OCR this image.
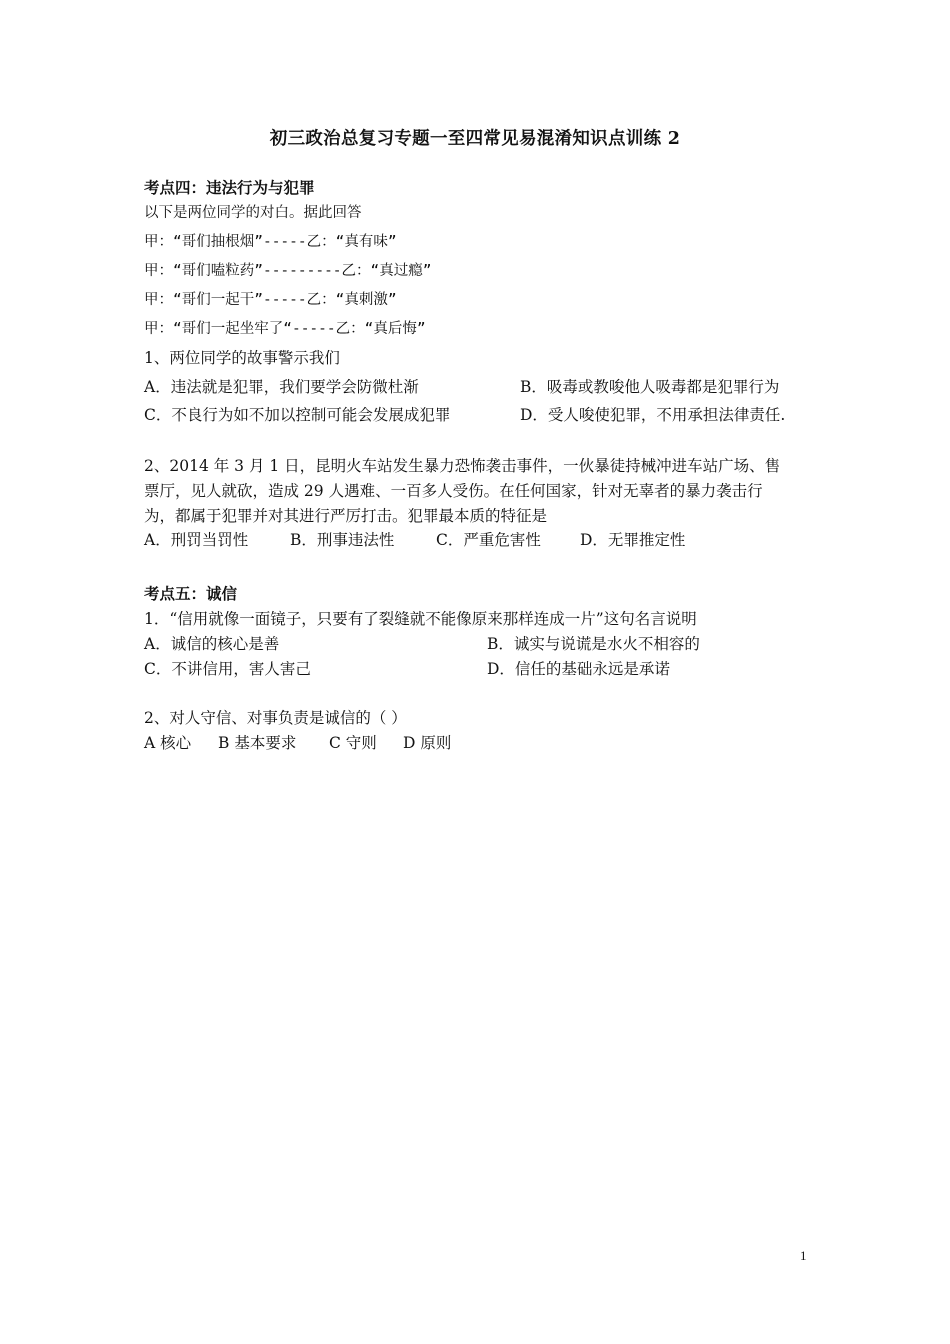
初三政治总复习专题一至四常见易混淆知识点训练 2
考点四：违法行为与犯罪
以下是两位同学的对白。据此回答
甲：“哥们抽根烟”-----乙：“真有味”
甲：“哥们嗑粒药”---------乙：“真过瘾”
甲：“哥们一起干”-----乙：“真刺激”
甲：“哥们一起坐牢了“-----乙：“真后悔”
1、两位同学的故事警示我们
A．违法就是犯罪，我们要学会防微杜渐	B．吸毒或教唆他人吸毒都是犯罪行为
C．不良行为如不加以控制可能会发展成犯罪	D．受人唆使犯罪，不用承担法律责任.
2、2014 年 3 月 1 日，昆明火车站发生暴力恐怖袭击事件，一伙暴徒持械冲进车站广场、售
票厅，见人就砍，造成 29 人遇难、一百多人受伤。在任何国家，针对无辜者的暴力袭击行
为，都属于犯罪并对其进行严厉打击。犯罪最本质的特征是
A．刑罚当罚性	B．刑事违法性	C．严重危害性	D．无罪推定性
考点五：诚信
1．“信用就像一面镜子，只要有了裂缝就不能像原来那样连成一片”这句名言说明
A．诚信的核心是善	B．诚实与说谎是水火不相容的
C．不讲信用，害人害己	D．信任的基础永远是承诺
2、对人守信、对事负责是诚信的（ ）
A 核心 B 基本要求 C 守则 D 原则
1
